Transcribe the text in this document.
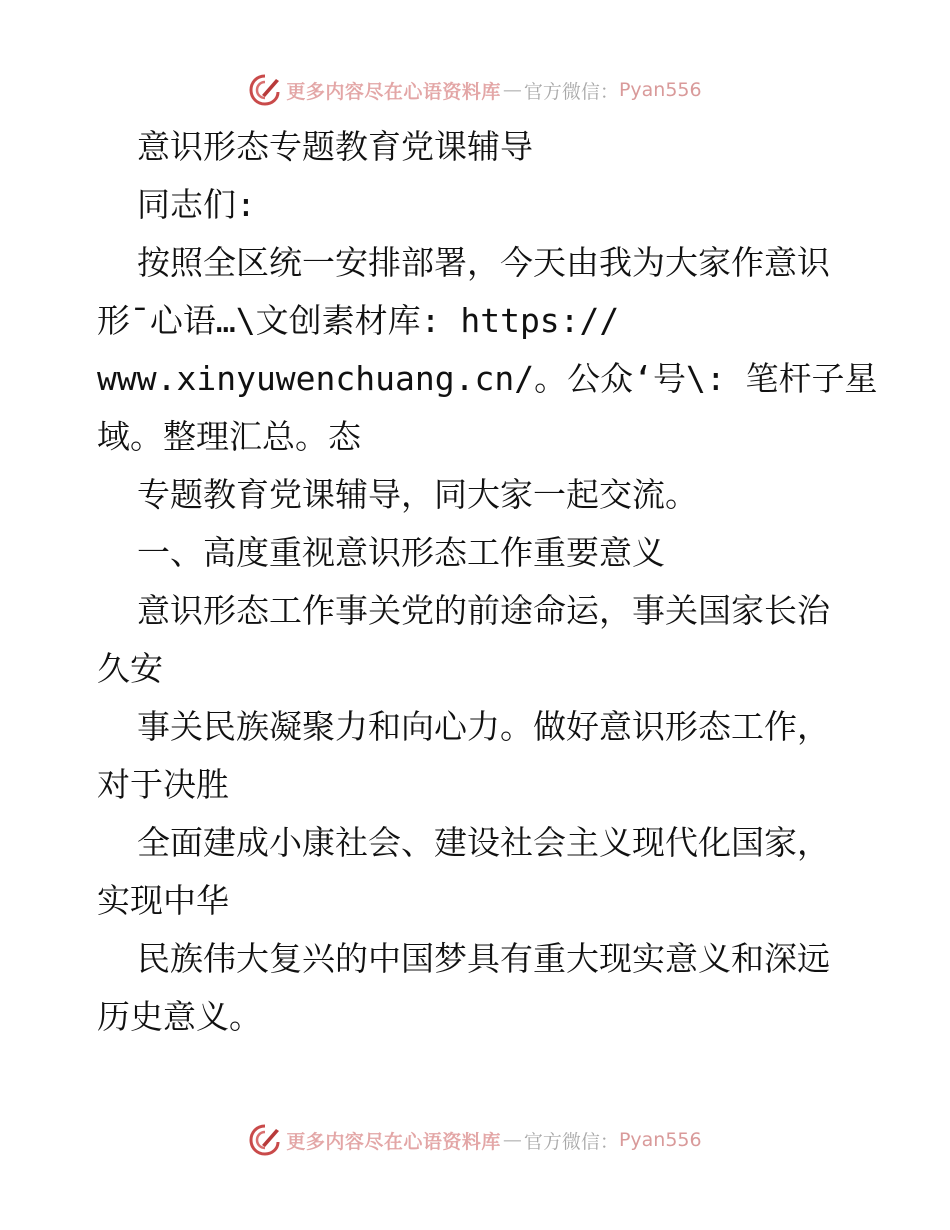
更多内容尽在心语资料库 — 官方微信： Pyan556
意识形态专题教育党课辅导
同志们:
按照全区统一安排部署，今天由我为大家作意识
形¯心语…\文创素材库: https://
www.xinyuwenchuang.cn/。公众‘号\: 笔杆子星
域。整理汇总。态
专题教育党课辅导，同大家一起交流。
一、高度重视意识形态工作重要意义
意识形态工作事关党的前途命运，事关国家长治
久安
事关民族凝聚力和向心力。做好意识形态工作，
对于决胜
全面建成小康社会、建设社会主义现代化国家，
实现中华
民族伟大复兴的中国梦具有重大现实意义和深远
历史意义。
更多内容尽在心语资料库 — 官方微信： Pyan556
